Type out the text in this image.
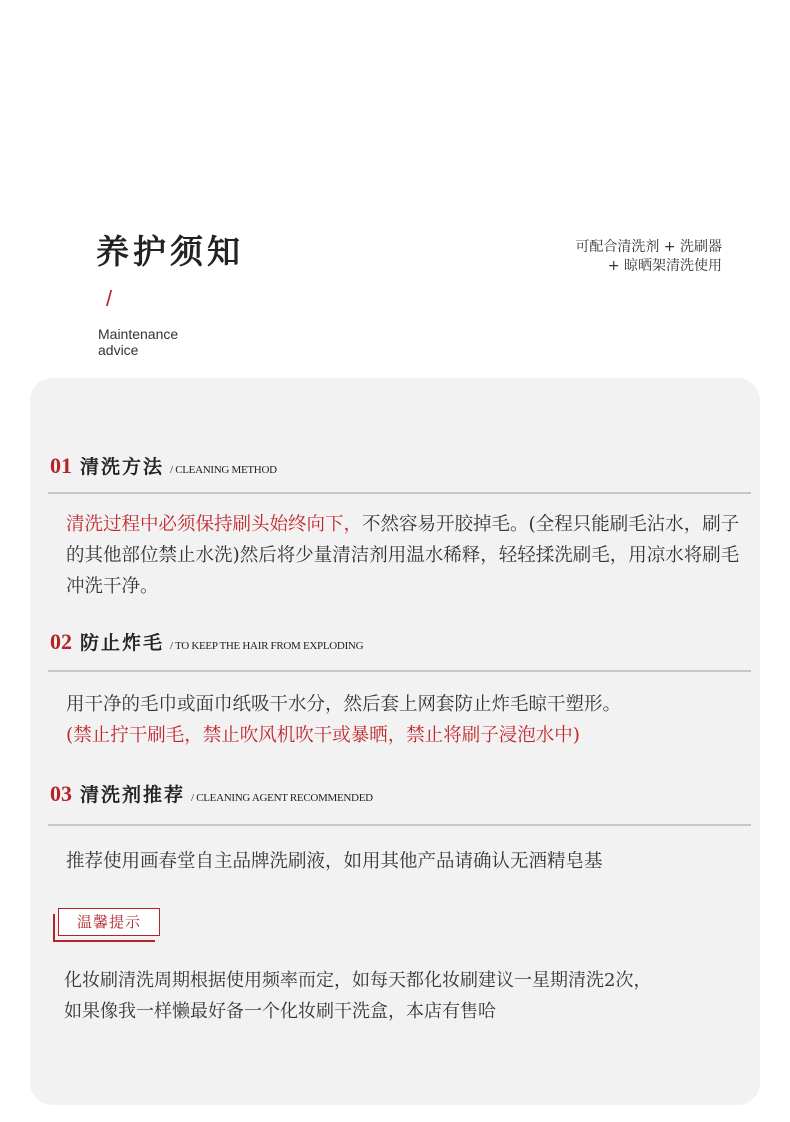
养护须知
/
Maintenance advice
可配合清洗剂 + 洗刷器
+ 晾晒架清洗使用
01 清洗方法 / CLEANING METHOD
清洗过程中必须保持刷头始终向下，不然容易开胶掉毛。(全程只能刷毛沾水，刷子的其他部位禁止水洗)然后将少量清洁剂用温水稀释，轻轻揉洗刷毛，用凉水将刷毛冲洗干净。
02 防止炸毛 / TO KEEP THE HAIR FROM EXPLODING
用干净的毛巾或面巾纸吸干水分，然后套上网套防止炸毛晾干塑形。
(禁止拧干刷毛，禁止吹风机吹干或暴晒，禁止将刷子浸泡水中)
03 清洗剂推荐 / CLEANING AGENT RECOMMENDED
推荐使用画春堂自主品牌洗刷液，如用其他产品请确认无酒精皂基
温馨提示
化妆刷清洗周期根据使用频率而定，如每天都化妆刷建议一星期清洗2次，
如果像我一样懒最好备一个化妆刷干洗盒，本店有售哈
